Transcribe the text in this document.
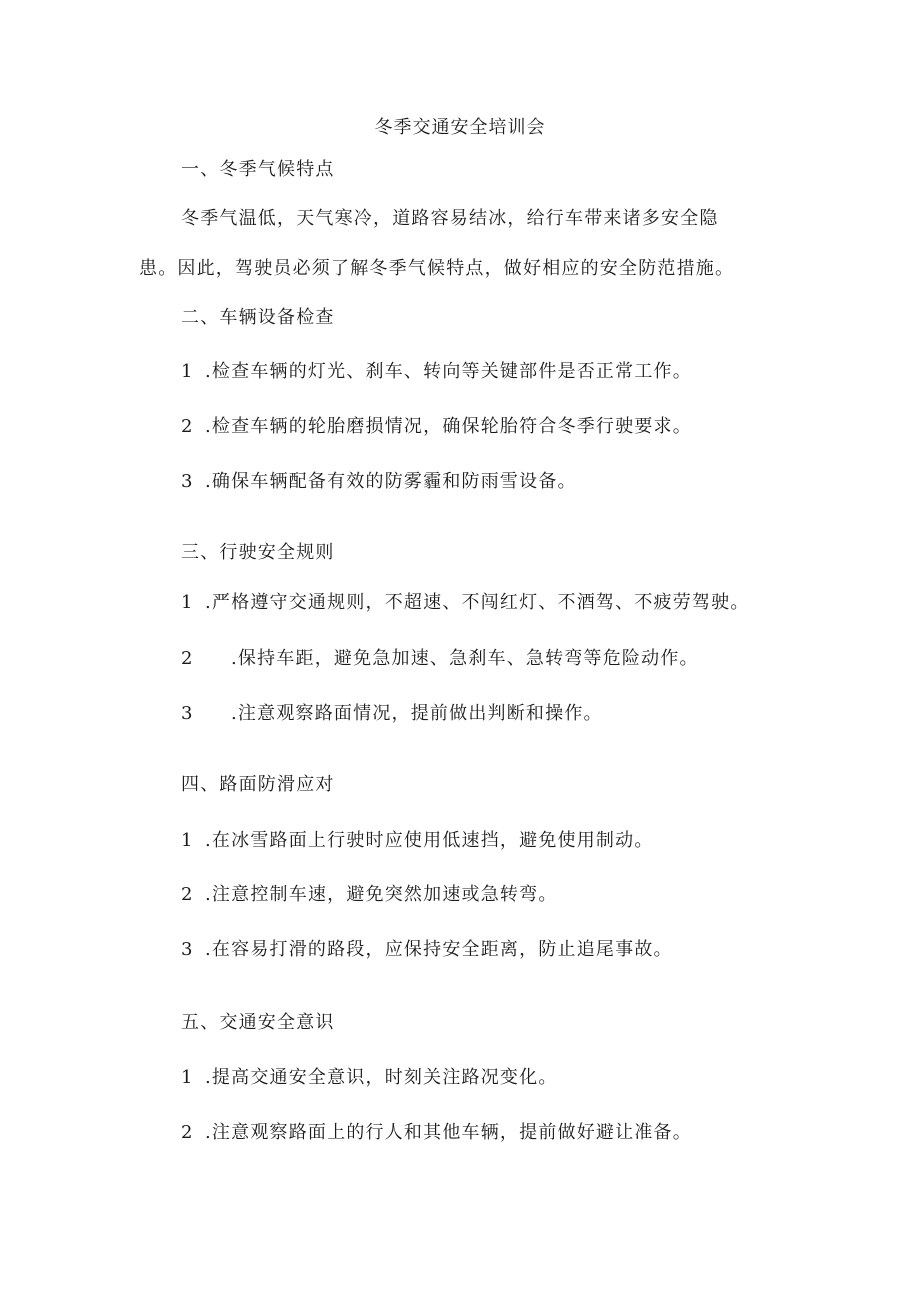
冬季交通安全培训会
一、冬季气候特点
冬季气温低，天气寒冷，道路容易结冰，给行车带来诸多安全隐
患。因此，驾驶员必须了解冬季气候特点，做好相应的安全防范措施。
二、车辆设备检查
1 .检查车辆的灯光、刹车、转向等关键部件是否正常工作。
2 .检查车辆的轮胎磨损情况，确保轮胎符合冬季行驶要求。
3 .确保车辆配备有效的防雾霾和防雨雪设备。
三、行驶安全规则
1 .严格遵守交通规则，不超速、不闯红灯、不酒驾、不疲劳驾驶。
2 .保持车距，避免急加速、急刹车、急转弯等危险动作。
3 .注意观察路面情况，提前做出判断和操作。
四、路面防滑应对
1 .在冰雪路面上行驶时应使用低速挡，避免使用制动。
2 .注意控制车速，避免突然加速或急转弯。
3 .在容易打滑的路段，应保持安全距离，防止追尾事故。
五、交通安全意识
1 .提高交通安全意识，时刻关注路况变化。
2 .注意观察路面上的行人和其他车辆，提前做好避让准备。
